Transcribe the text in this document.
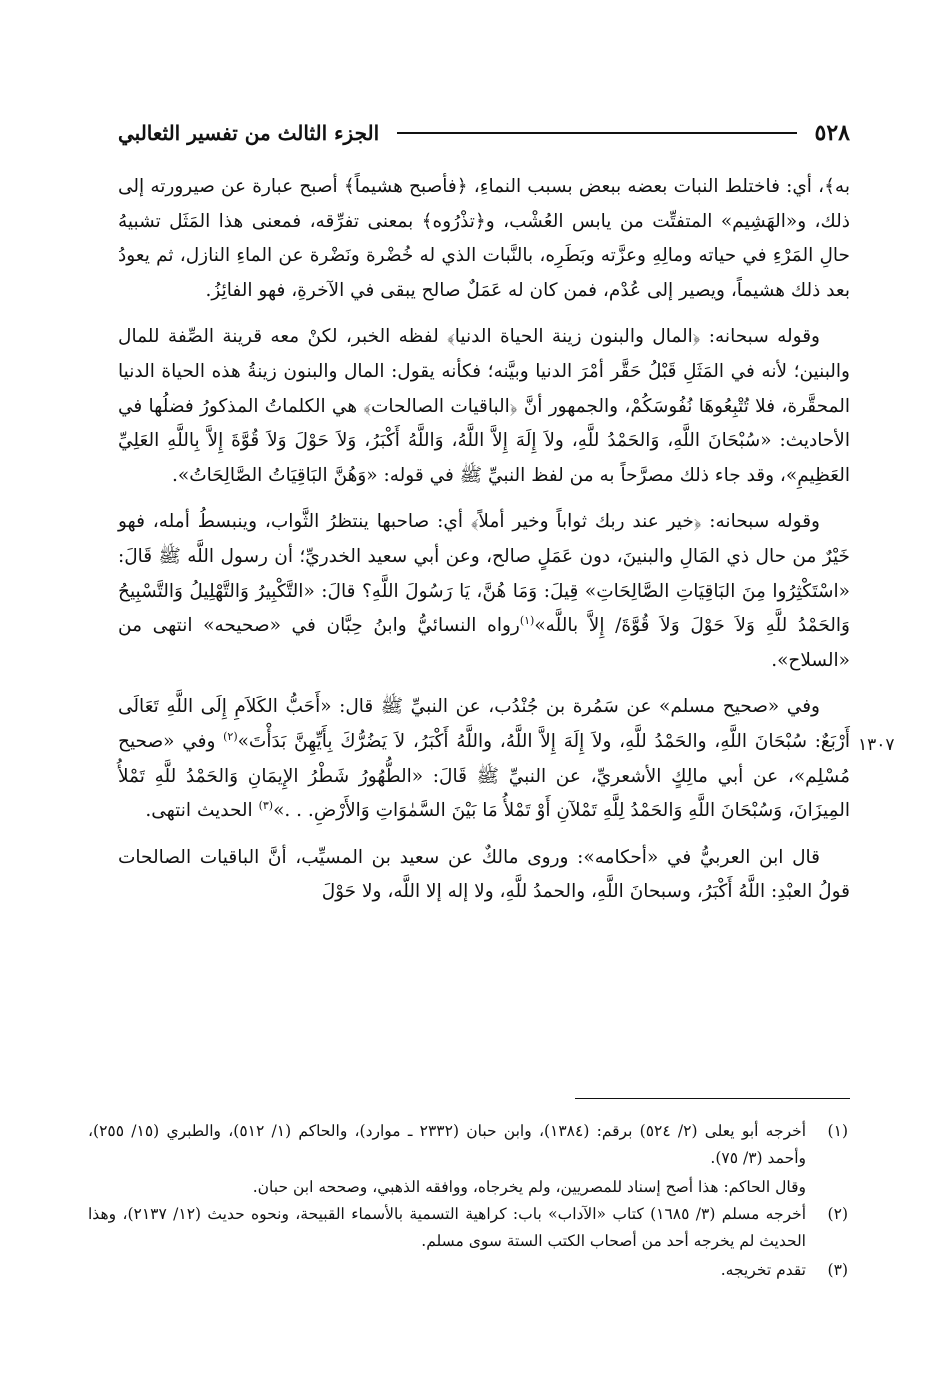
الجزء الثالث من تفسير الثعالبي	٥٢٨

به﴾، أي: فاختلط النبات بعضه ببعض بسبب النماءِ، ﴿فأصبح هشيماً﴾ أصبح عبارة عن صيرورته إلى ذلك، و«الهَشِيم» المتفتِّت من يابس العُشْب، و﴿تذْرُوه﴾ بمعنى تفرِّقه، فمعنى هذا المَثَل تشبيهُ حالِ المَرْءِ في حياته ومالِهِ وعزَّته وبَطَرِه، بالنَّبات الذي له خُضْرة ونَضْرة عن الماءِ النازل، ثم يعودُ بعد ذلك هشيماً، ويصير إلى عُدْم، فمن كان له عَمَلٌ صالح يبقى في الآخرةِ، فهو الفائِزُ.

وقوله سبحانه: ﴿المال والبنون زينة الحياة الدنيا﴾ لفظه الخبر، لكنْ معه قرينة الصِّفة للمال والبنين؛ لأنه في المَثَلِ قَبْلُ حَقَّر أمْرَ الدنيا وبيَّنه؛ فكأنه يقول: المال والبنون زينةُ هذه الحياة الدنيا المحقَّرة، فلا تُتْبِعُوهَا نُفُوسَكُمْ، والجمهور أنَّ ﴿الباقيات الصالحات﴾ هي الكلماتُ المذكورُ فضلُها في الأحاديث: «سُبْحَانَ اللَّهِ، وَالحَمْدُ للَّهِ، ولاَ إِلَهَ إِلاَّ اللَّهُ، وَاللَّهُ أَكْبَرُ، وَلاَ حَوْلَ وَلاَ قُوَّةَ إِلاَّ بِاللَّهِ العَلِيِّ العَظِيمِ»، وقد جاء ذلك مصرَّحاً به من لفظ النبيِّ ﷺ في قوله: «وَهُنَّ البَاقِيَاتُ الصَّالِحَاتُ».

وقوله سبحانه: ﴿خير عند ربك ثواباً وخير أملاً﴾ أي: صاحبها ينتظرُ الثَّواب، وينبسطُ أمله، فهو خَيْرٌ من حال ذي المَالِ والبنينَ، دون عَمَلٍ صالح، وعن أبي سعيد الخدريِّ؛ أن رسول اللَّه ﷺ قَالَ: «اسْتَكْثِرُوا مِنَ البَاقِيَاتِ الصَّالِحَاتِ» قِيلَ: وَمَا هُنَّ، يَا رَسُولَ اللَّهِ؟ قالَ: «التَّكْبِيرُ وَالتَّهْلِيلُ وَالتَّسْبِيحُ وَالحَمْدُ للَّهِ وَلاَ حَوْلَ وَلاَ قُوَّةَ/ إِلاَّ باللَّه»$^{(١)}$رواه النسائيُّ وابنُ حِبَّان في «صحيحه» انتهى من «السلاح».

وفي «صحيح مسلم» عن سَمُرة بن جُنْدُب، عن النبيِّ ﷺ قال: «أَحَبُّ الكَلاَمِ إِلَى اللَّهِ تَعَالَى أَرْبَعٌ: سُبْحَانَ اللَّهِ، والحَمْدُ للَّهِ، ولاَ إِلَهَ إِلاَّ اللَّهُ، واللَّهُ أَكْبَرُ، لاَ يَضُرُّكَ بِأَيِّهِنَّ بَدَأْتَ»$^{(٢)}$ وفي «صحيح مُسْلِم»، عن أبي مالِكٍ الأشعريِّ، عن النبيِّ ﷺ قَالَ: «الطُّهُورُ شَطْرُ الإِيمَانِ وَالحَمْدُ للَّهِ تَمْلأُ المِيزَانَ، وَسُبْحَانَ اللَّهِ وَالحَمْدُ لِلَّهِ تَمْلآنِ أَوْ تَمْلأُ مَا بَيْنَ السَّمٰوَاتِ وَالأَرْضِ. . .»$^{(٣)}$ الحديث انتهى.

قال ابن العربيُّ في «أحكامه»: وروى مالكٌ عن سعيد بن المسيِّب، أنَّ الباقيات الصالحات قولُ العبْدِ: اللَّهُ أَكْبَرُ، وسبحانَ اللَّهِ، والحمدُ للَّهِ، ولا إله إلا اللَّه، ولا حَوْلَ

١٣٠٧
(١)
أخرجه أبو يعلى (٢/ ٥٢٤) برقم: (١٣٨٤)، وابن حبان (٢٣٣٢ ـ موارد)، والحاكم (١/ ٥١٢)، والطبري (١٥/ ٢٥٥)، وأحمد (٣/ ٧٥).
وقال الحاكم: هذا أصح إسناد للمصريين، ولم يخرجاه، ووافقه الذهبي، وصححه ابن حبان.
(٢)
أخرجه مسلم (٣/ ١٦٨٥) كتاب «الآداب» باب: كراهية التسمية بالأسماء القبيحة، ونحوه حديث (١٢/ ٢١٣٧)، وهذا الحديث لم يخرجه أحد من أصحاب الكتب الستة سوى مسلم.
(٣)
تقدم تخريجه.
